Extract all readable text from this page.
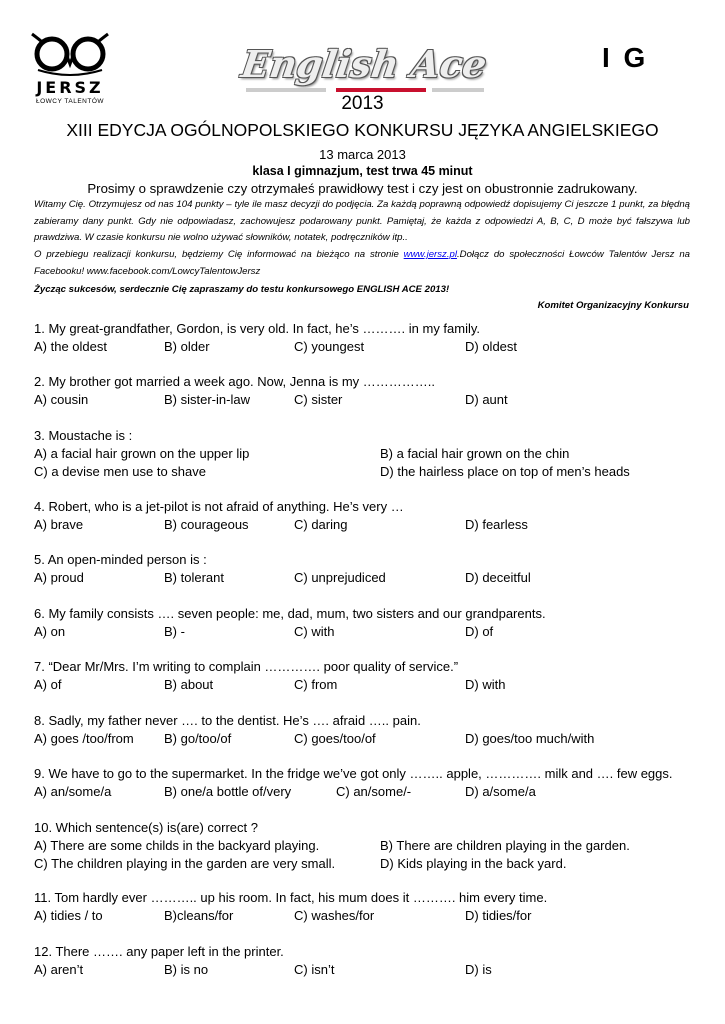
JERSZ
ŁOWCY TALENTÓW
English Ace	I G
2013
XIII EDYCJA OGÓLNOPOLSKIEGO KONKURSU JĘZYKA ANGIELSKIEGO
13 marca 2013
klasa I gimnazjum, test trwa 45 minut
Prosimy o sprawdzenie czy otrzymałeś prawidłowy test i czy jest on obustronnie zadrukowany.
Witamy Cię. Otrzymujesz od nas 104 punkty – tyle ile masz decyzji do podjęcia. Za każdą poprawną odpowiedź dopisujemy Ci jeszcze 1 punkt, za błędną zabieramy dany punkt. Gdy nie odpowiadasz, zachowujesz podarowany punkt. Pamiętaj, że każda z odpowiedzi A, B, C, D może być fałszywa lub prawdziwa. W czasie konkursu nie wolno używać słowników, notatek, podręczników itp..
O przebiegu realizacji konkursu, będziemy Cię informować na bieżąco na stronie www.jersz.pl.Dołącz do społeczności Łowców Talentów Jersz na Facebooku! www.facebook.com/LowcyTalentowJersz
Życząc sukcesów, serdecznie Cię zapraszamy do testu konkursowego ENGLISH ACE 2013!
Komitet Organizacyjny Konkursu
1. My great-grandfather, Gordon, is very old. In fact, he’s ………. in my family.
A) the oldest	B) older	C) youngest	D) oldest
2. My brother got married a week ago. Now, Jenna is my ……………..
A) cousin	B) sister-in-law	C) sister	D) aunt
3. Moustache is :
A) a facial hair grown on the upper lip	B) a facial hair grown on the chin
C) a devise men use to shave	D) the hairless place on top of men’s heads
4. Robert, who is a jet-pilot is not afraid of anything. He’s very …
A) brave	B) courageous	C) daring	D) fearless
5. An open-minded person is :
A) proud	B) tolerant	C) unprejudiced	D) deceitful
6. My family consists …. seven people: me, dad, mum, two sisters and our grandparents.
A) on	B) -	C) with	D) of
7. “Dear Mr/Mrs. I’m writing to complain …………. poor quality of service.”
A) of	B) about	C) from	D) with
8. Sadly, my father never …. to the dentist. He’s …. afraid ….. pain.
A) goes /too/from B) go/too/of	C) goes/too/of	D) goes/too much/with
9. We have to go to the supermarket. In the fridge we’ve got only …….. apple, …………. milk and …. few eggs.
A) an/some/a	B) one/a bottle of/very	C) an/some/-	D) a/some/a
10. Which sentence(s) is(are) correct ?
A) There are some childs in the backyard playing.	B) There are children playing in the garden.
C) The children playing in the garden are very small.	D) Kids playing in the back yard.
11. Tom hardly ever ……….. up his room. In fact, his mum does it ………. him every time.
A) tidies / to	B)cleans/for	C) washes/for	D) tidies/for
12. There ……. any paper left in the printer.
A) aren’t	B) is no	C) isn’t	D) is
